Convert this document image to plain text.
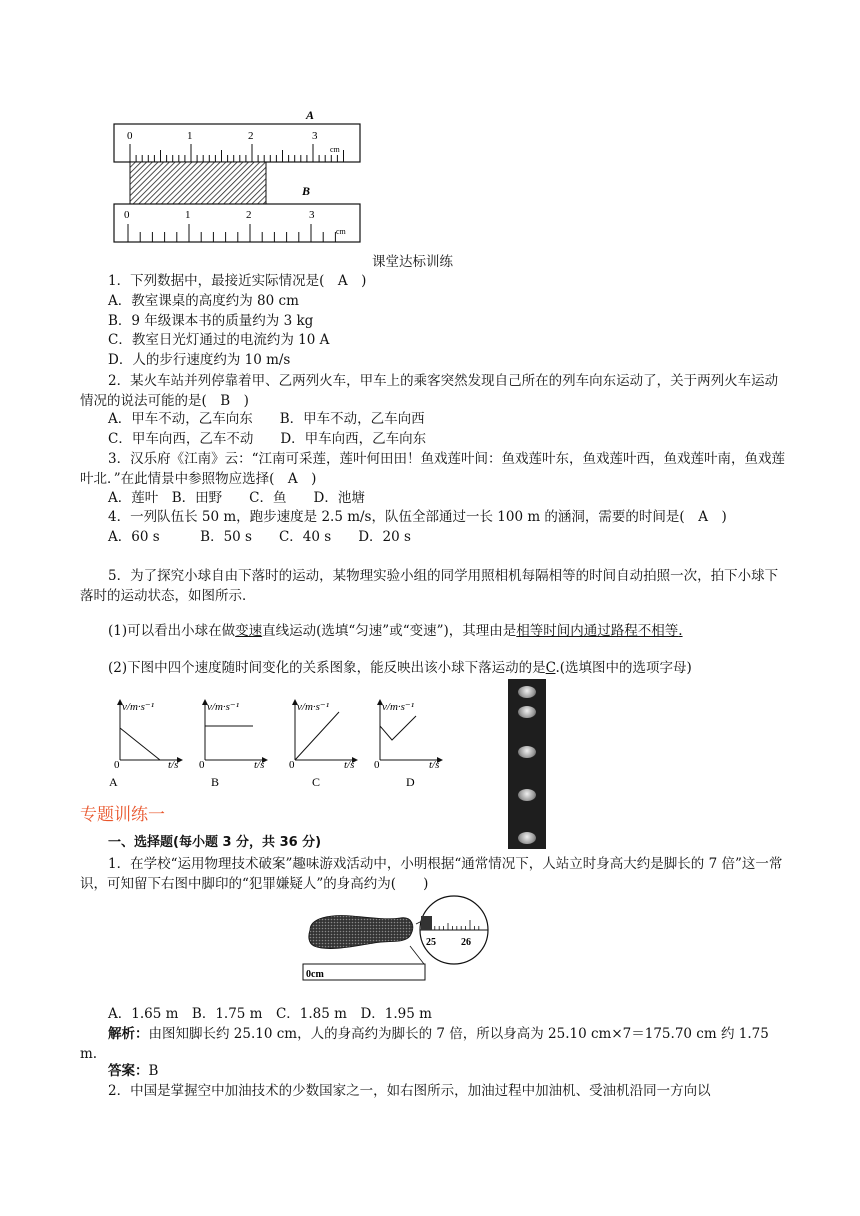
A
0	1	2	3
cm
B
0	1	2	3
cm
课堂达标训练
1．下列数据中，最接近实际情况是(　A　)
A．教室课桌的高度约为 80 cm
B．9 年级课本书的质量约为 3 kg
C．教室日光灯通过的电流约为 10 A
D．人的步行速度约为 10 m/s
2．某火车站并列停靠着甲、乙两列火车，甲车上的乘客突然发现自己所在的列车向东运动了，关于两列火车运动情况的说法可能的是(　B　)
A．甲车不动，乙车向东　　B．甲车不动，乙车向西
C．甲车向西，乙车不动　　D．甲车向西，乙车向东
3．汉乐府《江南》云：“江南可采莲，莲叶何田田！鱼戏莲叶间：鱼戏莲叶东，鱼戏莲叶西，鱼戏莲叶南，鱼戏莲叶北．”在此情景中参照物应选择(　A　)
A．莲叶　B．田野　　C．鱼　　D．池塘
4．一列队伍长 50 m，跑步速度是 2.5 m/s，队伍全部通过一长 100 m 的涵洞，需要的时间是(　A　)
A．60 s　　　B．50 s　　C．40 s　　D．20 s
5．为了探究小球自由下落时的运动，某物理实验小组的同学用照相机每隔相等的时间自动拍照一次，拍下小球下落时的运动状态，如图所示．
(1)可以看出小球在做变速直线运动(选填“匀速”或“变速”)，其理由是相等时间内通过路程不相等.
(2)下图中四个速度随时间变化的关系图象，能反映出该小球下落运动的是C.(选填图中的选项字母)
v/m·s⁻¹	v/m·s⁻¹	v/m·s⁻¹	v/m·s⁻¹
t/s	t/s	t/s	t/s
0	0	0	0
A	B	C	D
专题训练一
一、选择题(每小题 3 分，共 36 分)
1．在学校“运用物理技术破案”趣味游戏活动中，小明根据“通常情况下，人站立时身高大约是脚长的 7 倍”这一常识，可知留下右图中脚印的“犯罪嫌疑人”的身高约为(　　)
0cm
25	26
A．1.65 m　B．1.75 m　C．1.85 m　D．1.95 m
解析：由图知脚长约 25.10 cm，人的身高约为脚长的 7 倍，所以身高为 25.10 cm×7＝175.70 cm 约 1.75 m.
答案：B
2．中国是掌握空中加油技术的少数国家之一，如右图所示，加油过程中加油机、受油机沿同一方向以
